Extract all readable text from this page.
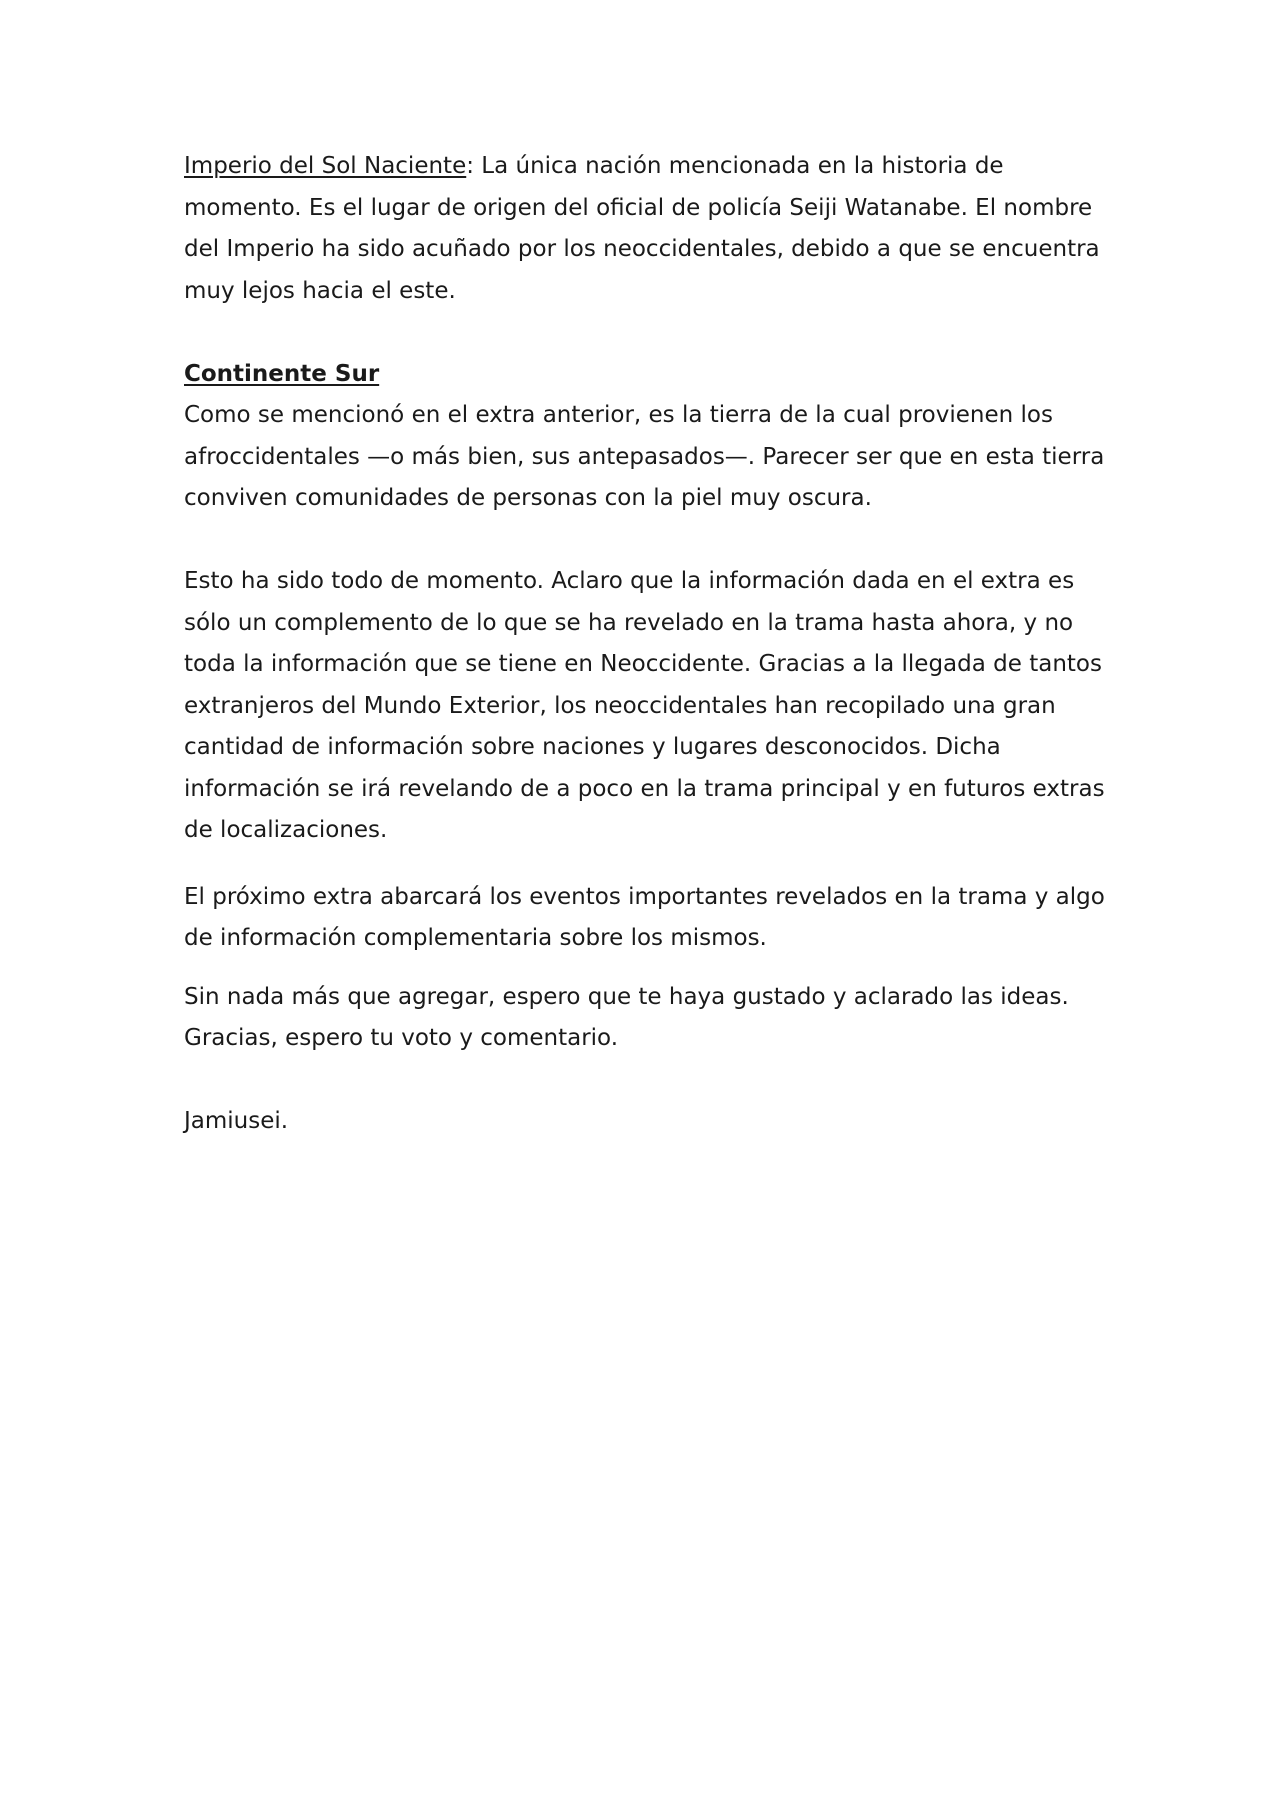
Imperio del Sol Naciente: La única nación mencionada en la historia de momento. Es el lugar de origen del oficial de policía Seiji Watanabe. El nombre del Imperio ha sido acuñado por los neoccidentales, debido a que se encuentra muy lejos hacia el este.

Continente Sur

Como se mencionó en el extra anterior, es la tierra de la cual provienen los afroccidentales —o más bien, sus antepasados—. Parecer ser que en esta tierra conviven comunidades de personas con la piel muy oscura.

Esto ha sido todo de momento. Aclaro que la información dada en el extra es sólo un complemento de lo que se ha revelado en la trama hasta ahora, y no toda la información que se tiene en Neoccidente. Gracias a la llegada de tantos extranjeros del Mundo Exterior, los neoccidentales han recopilado una gran cantidad de información sobre naciones y lugares desconocidos. Dicha información se irá revelando de a poco en la trama principal y en futuros extras de localizaciones.

El próximo extra abarcará los eventos importantes revelados en la trama y algo de información complementaria sobre los mismos.

Sin nada más que agregar, espero que te haya gustado y aclarado las ideas. Gracias, espero tu voto y comentario.

Jamiusei.
